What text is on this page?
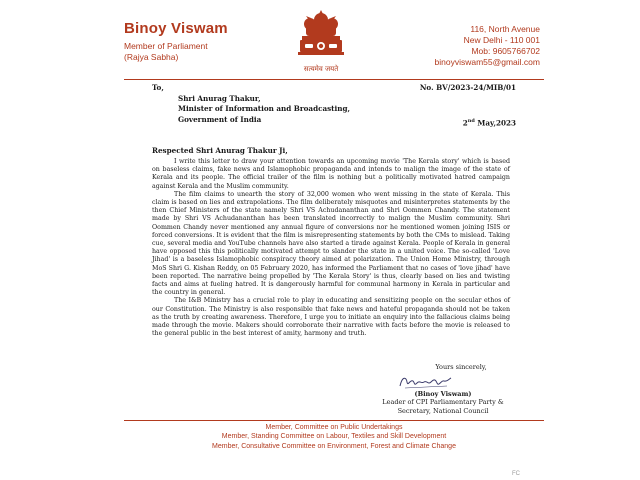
Binoy Viswam
Member of Parliament
(Rajya Sabha)
सत्यमेव जयते
116, North Avenue
New Delhi - 110 001
Mob: 9605766702
binoyviswam55@gmail.com
To,	No. BV/2023-24/MIB/01
Shri Anurag Thakur,
Minister of Information and Broadcasting,
Government of India	2nd May,2023
Respected Shri Anurag Thakur Ji,

I write this letter to draw your attention towards an upcoming movie 'The Kerala story' which is based on baseless claims, fake news and Islamophobic propaganda and intends to malign the image of the state of Kerala and its people. The official trailer of the film is nothing but a politically motivated hatred campaign against Kerala and the Muslim community.

The film claims to unearth the story of 32,000 women who went missing in the state of Kerala. This claim is based on lies and extrapolations. The film deliberately misquotes and misinterpretes statements by the then Chief Ministers of the state namely Shri VS Achudananthan and Shri Oommen Chandy. The statement made by Shri VS Achudananthan has been translated incorrectly to malign the Muslim community. Shri Oommen Chandy never mentioned any annual figure of conversions nor he mentioned women joining ISIS or forced conversions. It is evident that the film is misrepresenting statements by both the CMs to mislead. Taking cue, several media and YouTube channels have also started a tirade against Kerala. People of Kerala in general have opposed this this politically motivated attempt to slander the state in a united voice. The so-called 'Love Jihad' is a baseless Islamophobic conspiracy theory aimed at polarization. The Union Home Ministry, through MoS Shri G. Kishan Reddy, on 05 February 2020, has informed the Parliament that no cases of 'love jihad' have been reported. The narrative being propelled by 'The Kerala Story' is thus, clearly based on lies and twisting facts and aims at fueling hatred. It is dangerously harmful for communal harmony in Kerala in particular and the country in general.

The I&B Ministry has a crucial role to play in educating and sensitizing people on the secular ethos of our Constitution. The Ministry is also responsible that fake news and hateful propaganda should not be taken as the truth by creating awareness. Therefore, I urge you to initiate an enquiry into the fallacious claims being made through the movie. Makers should corroborate their narrative with facts before the movie is released to the general public in the best interest of amity, harmony and truth.

Yours sincerely,
(Binoy Viswam)
Leader of CPI Parliamentary Party &
Secretary, National Council
Member, Committee on Public Undertakings
Member, Standing Committee on Labour, Textiles and Skill Development
Member, Consultative Committee on Environment, Forest and Climate Change
FC
